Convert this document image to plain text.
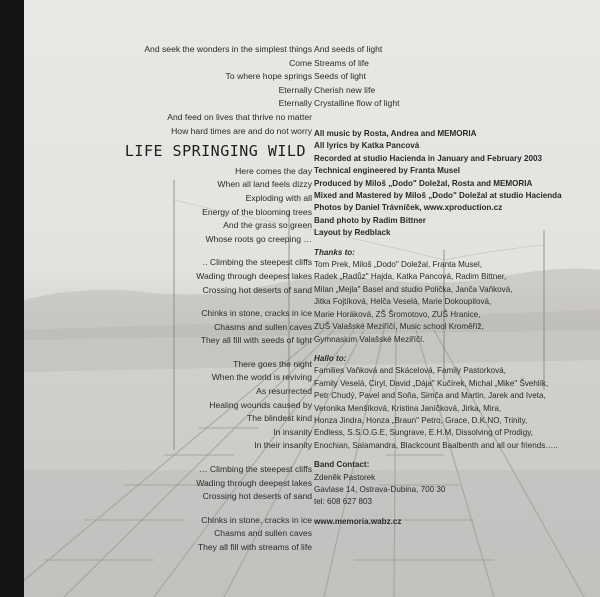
And seek the wonders in the simplest things
Come
To where hope springs
Eternally
Eternally
And feed on lives that thrive no matter
How hard times are and do not worry
LIFE SPRINGING WILD
Here comes the day
When all land feels dizzy
Exploding with all
Energy of the blooming trees
And the grass so green
Whose roots go creeping …
.. Climbing the steepest cliffs
Wading through deepest lakes
Crossing hot deserts of sand
Chinks in stone, cracks in ice
Chasms and sullen caves
They all fill with seeds of light
There goes the night
When the world is reviving
As resurrected
Healing wounds caused by
The blindest kind
In insanity
In their insanity
… Climbing the steepest cliffs
Wading through deepest lakes
Crossing hot deserts of sand
Chinks in stone, cracks in ice
Chasms and sullen caves
They all fill with streams of life
And seeds of light
Streams of life
Seeds of light
Cherish new life
Crystalline flow of light
All music by Rosta, Andrea and MEMORIA
All lyrics by Katka Pancová
Recorded at studio Hacienda in January and February 2003
Technical engineered by Franta Musel
Produced by Miloš „Dodo" Doležal, Rosta and MEMORIA
Mixed and Mastered by Miloš „Dodo" Doležal at studio Hacienda
Photos by Daniel Trávníček, www.xproduction.cz
Band photo by Radim Bittner
Layout by Redblack
Thanks to:
Tom Prek, Miloš „Dodo" Doležal, Franta Musel,
Radek „Radůz" Hajda, Katka Pancová, Radim Bittner,
Milan „Mejla" Basel and studio Polička, Janča Vaňková,
Jitka Fojtíková, Helča Veselá, Marie Dokoupilová,
Marie Horáková, ZŠ Šromotovo, ZUŠ Hranice,
ZUŠ Valašské Meziříčí, Music school Kroměříž,
Gymnasium Valašské Meziříčí.
Hallo to:
Families Vaňková and Skácelová, Family Pastorková,
Family Veselá, Ciryl, David „Dája" Kučírek, Michal „Mike" Švehlík,
Petr Chudý, Pavel and Soňa, Simča and Martin, Jarek and Iveta,
Veronika Menšíková, Kristina Janíčková, Jirka, Mira,
Honza Jindra, Honza „Braun" Petro, Grace, D.K.NO, Trinity,
Endless, S.S.O.G.E, Sungrave, E.H.M, Dissolving of Prodigy,
Enochian, Salamandra, Blackcount Baalbenth and all our friends…..
Band Contact:
Zdeněk Pastorek
Gavlase 14, Ostrava-Dubina, 700 30
tel: 608 627 803
www.memoria.wabz.cz
